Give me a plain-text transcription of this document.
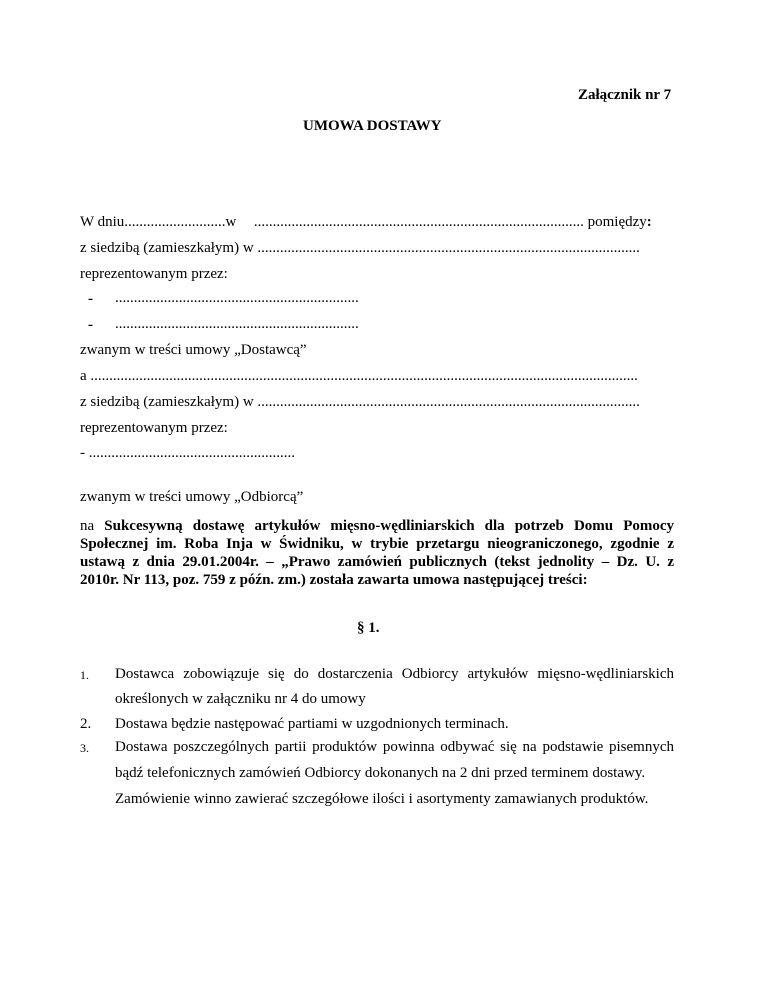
Załącznik nr 7
UMOWA DOSTAWY
W dniu...........................w ........................................................................................ pomiędzy:
z siedzibą (zamieszkałym) w ......................................................................................................
reprezentowanym przez:
- .................................................................
- .................................................................
zwanym w treści umowy „Dostawcą”
a ..................................................................................................................................................
z siedzibą (zamieszkałym) w ......................................................................................................
reprezentowanym przez:
- .......................................................
zwanym w treści umowy „Odbiorcą”
na Sukcesywną dostawę artykułów mięsno-wędliniarskich dla potrzeb Domu Pomocy
Społecznej im. Roba Inja w Świdniku, w trybie przetargu nieograniczonego, zgodnie z
ustawą z dnia 29.01.2004r. – „Prawo zamówień publicznych (tekst jednolity – Dz. U. z
2010r. Nr 113, poz. 759 z późn. zm.) została zawarta umowa następującej treści:
§ 1.
1. Dostawca zobowiązuje się do dostarczenia Odbiorcy artykułów mięsno-wędliniarskich
określonych w załączniku nr 4 do umowy
2. Dostawa będzie następować partiami w uzgodnionych terminach.
3. Dostawa poszczególnych partii produktów powinna odbywać się na podstawie pisemnych
bądź telefonicznych zamówień Odbiorcy dokonanych na 2 dni przed terminem dostawy.
Zamówienie winno zawierać szczegółowe ilości i asortymenty zamawianych produktów.
